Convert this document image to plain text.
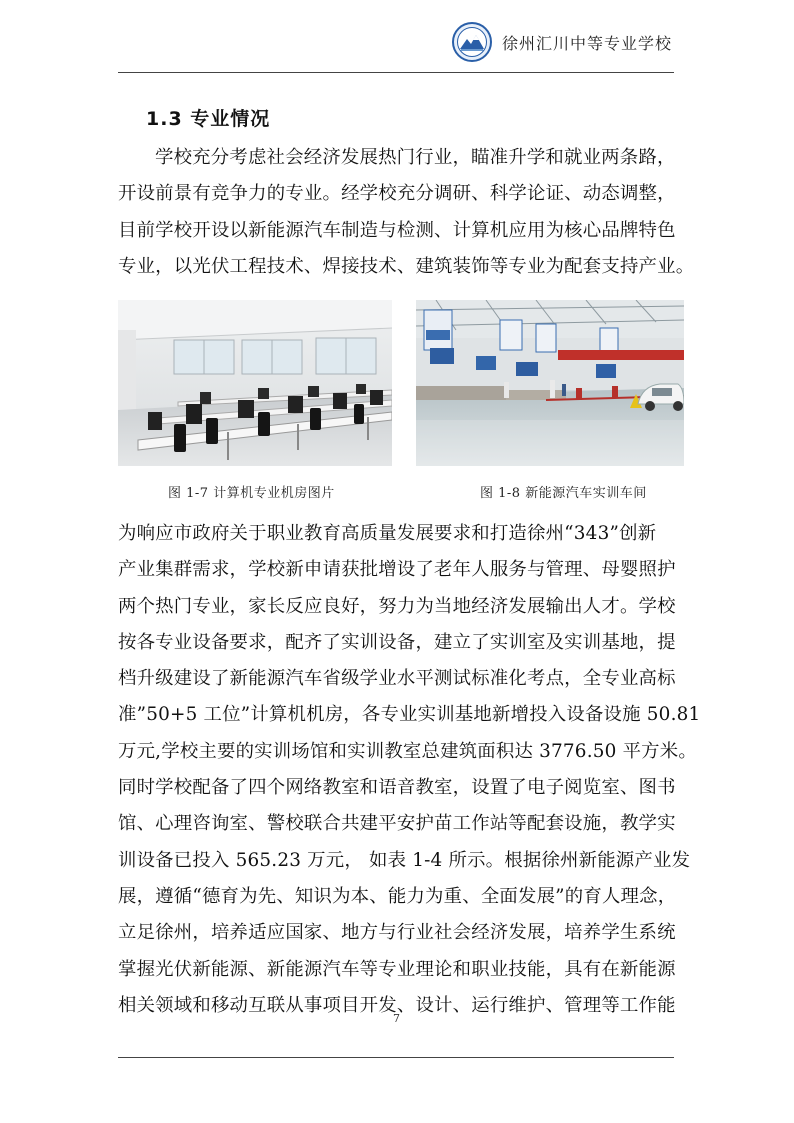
徐州汇川中等专业学校
1.3 专业情况

学校充分考虑社会经济发展热门行业，瞄准升学和就业两条路，

开设前景有竞争力的专业。经学校充分调研、科学论证、动态调整，

目前学校开设以新能源汽车制造与检测、计算机应用为核心品牌特色

专业，以光伏工程技术、焊接技术、建筑装饰等专业为配套支持产业。

图 1-7 计算机专业机房图片	图 1-8 新能源汽车实训车间

为响应市政府关于职业教育高质量发展要求和打造徐州“343”创新

产业集群需求，学校新申请获批增设了老年人服务与管理、母婴照护

两个热门专业，家长反应良好，努力为当地经济发展输出人才。学校

按各专业设备要求，配齐了实训设备，建立了实训室及实训基地，提

档升级建设了新能源汽车省级学业水平测试标准化考点，全专业高标

准”50+5 工位”计算机机房，各专业实训基地新增投入设备设施 50.81

万元,学校主要的实训场馆和实训教室总建筑面积达 3776.50 平方米。

同时学校配备了四个网络教室和语音教室，设置了电子阅览室、图书

馆、心理咨询室、警校联合共建平安护苗工作站等配套设施，教学实

训设备已投入 565.23 万元， 如表 1-4 所示。根据徐州新能源产业发

展，遵循“德育为先、知识为本、能力为重、全面发展”的育人理念，

立足徐州，培养适应国家、地方与行业社会经济发展，培养学生系统

掌握光伏新能源、新能源汽车等专业理论和职业技能，具有在新能源

相关领域和移动互联从事项目开发、设计、运行维护、管理等工作能

7
